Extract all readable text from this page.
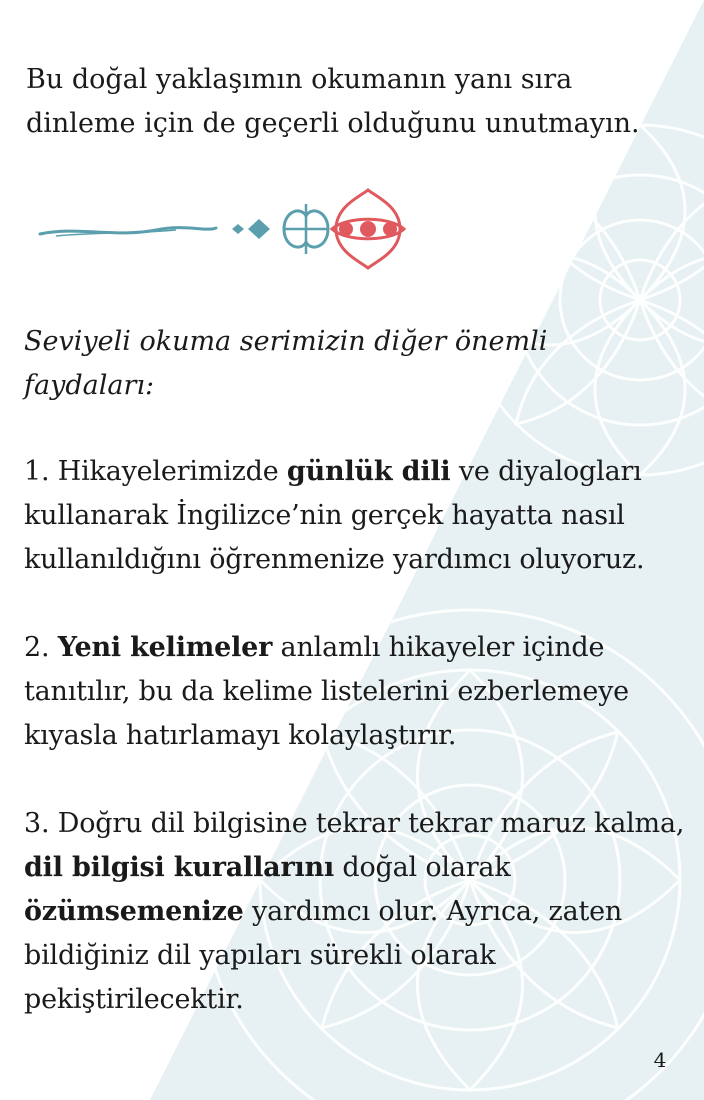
Bu doğal yaklaşımın okumanın yanı sıra dinleme için de geçerli olduğunu unutmayın.

Seviyeli okuma serimizin diğer önemli faydaları:

1. Hikayelerimizde günlük dili ve diyalogları kullanarak İngilizce’nin gerçek hayatta nasıl kullanıldığını öğrenmenize yardımcı oluyoruz.

2. Yeni kelimeler anlamlı hikayeler içinde tanıtılır, bu da kelime listelerini ezberlemeye kıyasla hatırlamayı kolaylaştırır.

3. Doğru dil bilgisine tekrar tekrar maruz kalma, dil bilgisi kurallarını doğal olarak özümsemenize yardımcı olur. Ayrıca, zaten bildiğiniz dil yapıları sürekli olarak pekiştirilecektir.

4
